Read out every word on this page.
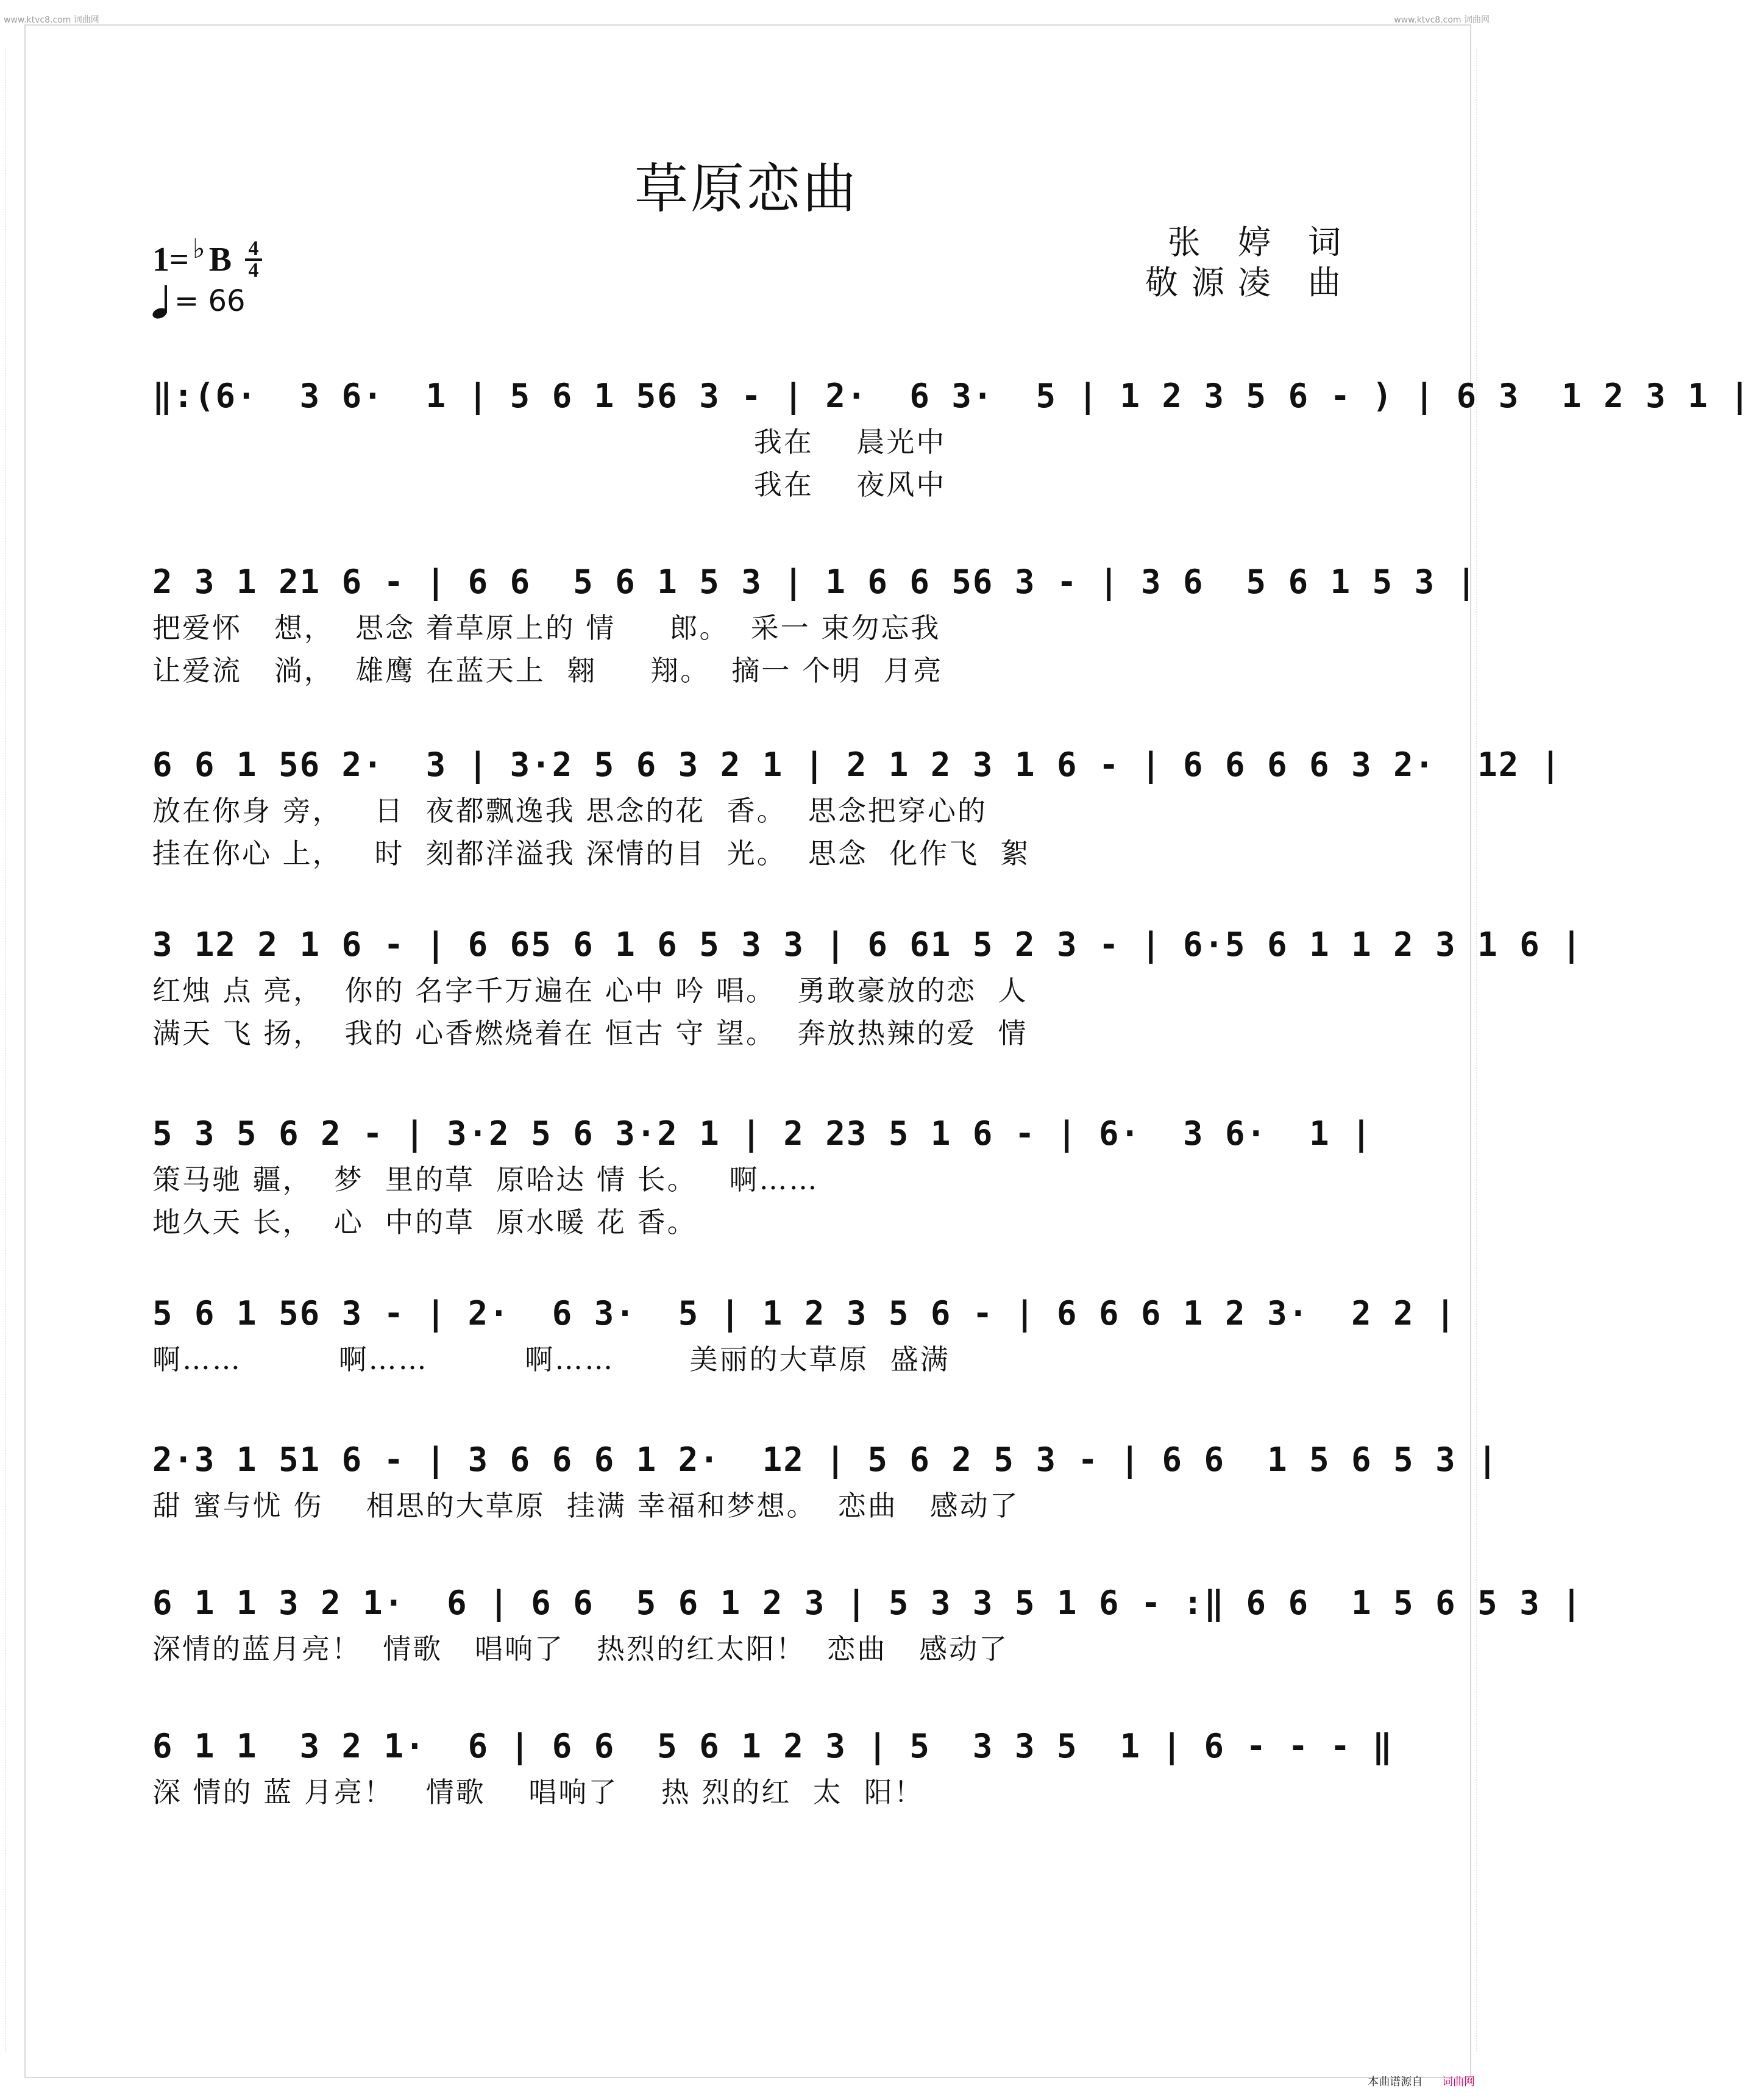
www.ktvc8.com 词曲网	www.ktvc8.com 词曲网
草原恋曲
1= ♭ B 4
4
= 66
张 婷 词
敬源凌 曲
‖:(6·  3 6·  1 | 5 6 1 56 3 - | 2·  6 3·  5 | 1 2 3 5 6 - ) | 6 3  1 2 3 1 |
我在    晨光中
我在    夜风中
2 3 1 21 6 - | 6 6  5 6 1 5 3 | 1 6 6 56 3 - | 3 6  5 6 1 5 3 |
把爱怀   想，  思念 着草原上的 情     郎。  采一 束勿忘我
让爱流   淌，  雄鹰 在蓝天上  翱     翔。  摘一 个明  月亮
6 6 1 56 2·  3 | 3·2 5 6 3 2 1 | 2 1 2 3 1 6 - | 6 6 6 6 3 2·  12 |
放在你身 旁，   日  夜都飘逸我 思念的花  香。  思念把穿心的
挂在你心 上，   时  刻都洋溢我 深情的目  光。  思念  化作飞  絮
3 12 2 1 6 - | 6 65 6 1 6 5 3 3 | 6 61 5 2 3 - | 6·5 6 1 1 2 3 1 6 |
红烛 点 亮，  你的 名字千万遍在 心中 吟 唱。  勇敢豪放的恋  人
满天 飞 扬，  我的 心香燃烧着在 恒古 守 望。  奔放热辣的爱  情
5 3 5 6 2 - | 3·2 5 6 3·2 1 | 2 23 5 1 6 - | 6·  3 6·  1 |
策马驰 疆，  梦  里的草  原哈达 情 长。   啊……
地久天 长，  心  中的草  原水暖 花 香。
5 6 1 56 3 - | 2·  6 3·  5 | 1 2 3 5 6 - | 6 6 6 1 2 3·  2 2 |
啊……         啊……         啊……       美丽的大草原  盛满
2·3 1 51 6 - | 3 6 6 6 1 2·  12 | 5 6 2 5 3 - | 6 6  1 5 6 5 3 |
甜 蜜与忧 伤    相思的大草原  挂满 幸福和梦想。  恋曲   感动了
6 1 1 3 2 1·  6 | 6 6  5 6 1 2 3 | 5 3 3 5 1 6 - :‖ 6 6  1 5 6 5 3 |
深情的蓝月亮！  情歌   唱响了   热烈的红太阳！  恋曲   感动了
6 1 1  3 2 1·  6 | 6 6  5 6 1 2 3 | 5  3 3 5  1 | 6 - - - ‖
深 情的 蓝 月亮！   情歌    唱响了    热 烈的红  太  阳！
本曲谱源自 词曲网
